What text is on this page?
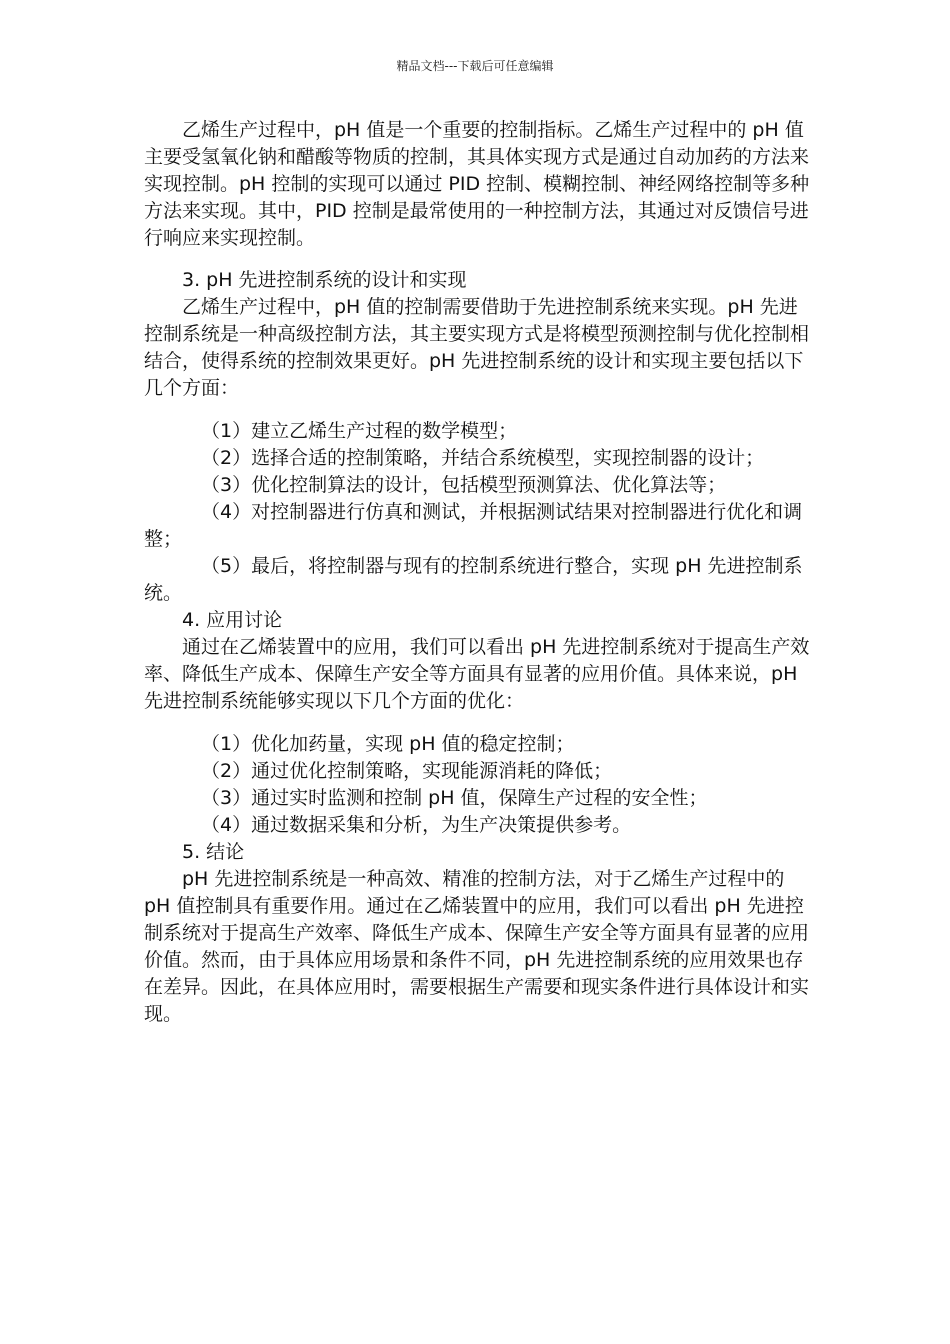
精品文档---下载后可任意编辑

乙烯生产过程中，pH 值是一个重要的控制指标。乙烯生产过程中的 pH 值主要受氢氧化钠和醋酸等物质的控制，其具体实现方式是通过自动加药的方法来实现控制。pH 控制的实现可以通过 PID 控制、模糊控制、神经网络控制等多种方法来实现。其中，PID 控制是最常使用的一种控制方法，其通过对反馈信号进行响应来实现控制。

3. pH 先进控制系统的设计和实现

乙烯生产过程中，pH 值的控制需要借助于先进控制系统来实现。pH 先进控制系统是一种高级控制方法，其主要实现方式是将模型预测控制与优化控制相结合，使得系统的控制效果更好。pH 先进控制系统的设计和实现主要包括以下几个方面：

（1）建立乙烯生产过程的数学模型；

（2）选择合适的控制策略，并结合系统模型，实现控制器的设计；

（3）优化控制算法的设计，包括模型预测算法、优化算法等；

（4）对控制器进行仿真和测试，并根据测试结果对控制器进行优化和调整；

（5）最后，将控制器与现有的控制系统进行整合，实现 pH 先进控制系统。

4. 应用讨论

通过在乙烯装置中的应用，我们可以看出 pH 先进控制系统对于提高生产效率、降低生产成本、保障生产安全等方面具有显著的应用价值。具体来说，pH 先进控制系统能够实现以下几个方面的优化：

（1）优化加药量，实现 pH 值的稳定控制；

（2）通过优化控制策略，实现能源消耗的降低；

（3）通过实时监测和控制 pH 值，保障生产过程的安全性；

（4）通过数据采集和分析，为生产决策提供参考。

5. 结论

pH 先进控制系统是一种高效、精准的控制方法，对于乙烯生产过程中的 pH 值控制具有重要作用。通过在乙烯装置中的应用，我们可以看出 pH 先进控制系统对于提高生产效率、降低生产成本、保障生产安全等方面具有显著的应用价值。然而，由于具体应用场景和条件不同，pH 先进控制系统的应用效果也存在差异。因此，在具体应用时，需要根据生产需要和现实条件进行具体设计和实现。
